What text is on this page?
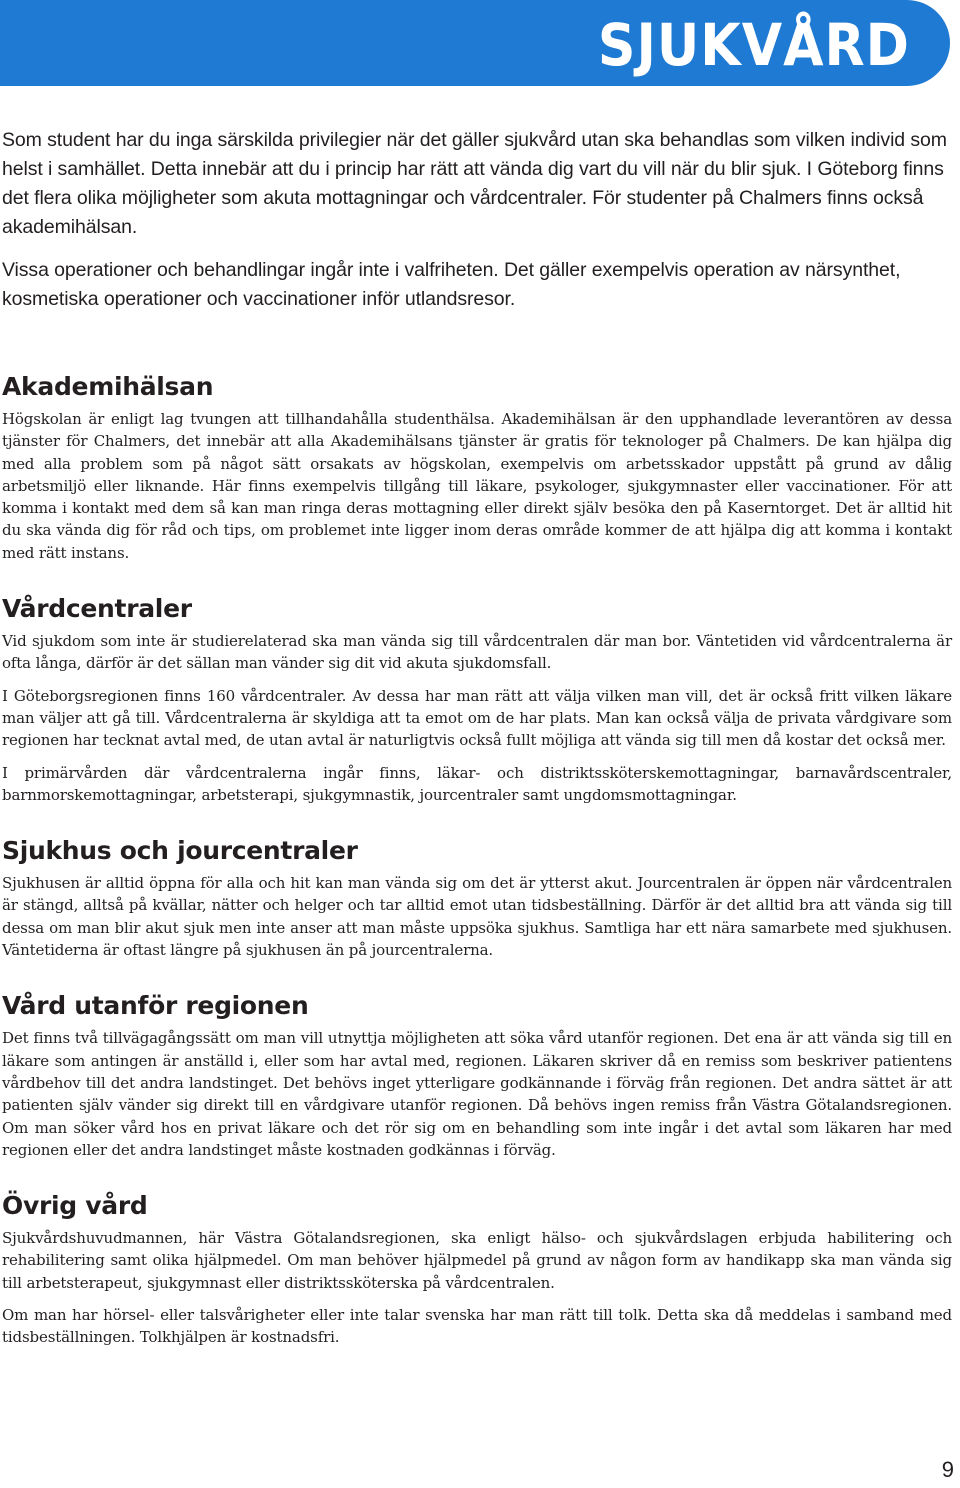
SJUKVÅRD

Som student har du inga särskilda privilegier när det gäller sjukvård utan ska behandlas som vilken individ som helst i samhället. Detta innebär att du i princip har rätt att vända dig vart du vill när du blir sjuk. I Göteborg finns det flera olika möjligheter som akuta mottagningar och vårdcentraler. För studenter på Chalmers finns också akademihälsan.

Vissa operationer och behandlingar ingår inte i valfriheten. Det gäller exempelvis operation av närsynthet, kosmetiska operationer och vaccinationer inför utlandsresor.

Akademihälsan

Högskolan är enligt lag tvungen att tillhandahålla studenthälsa. Akademihälsan är den upphandlade leverantören av dessa tjänster för Chalmers, det innebär att alla Akademihälsans tjänster är gratis för teknologer på Chalmers. De kan hjälpa dig med alla problem som på något sätt orsakats av högskolan, exempelvis om arbetsskador uppstått på grund av dålig arbetsmiljö eller liknande. Här finns exempelvis tillgång till läkare, psykologer, sjukgymnaster eller vaccinationer. För att komma i kontakt med dem så kan man ringa deras mottagning eller direkt själv besöka den på Kaserntorget. Det är alltid hit du ska vända dig för råd och tips, om problemet inte ligger inom deras område kommer de att hjälpa dig att komma i kontakt med rätt instans.

Vårdcentraler

Vid sjukdom som inte är studierelaterad ska man vända sig till vårdcentralen där man bor. Väntetiden vid vårdcentralerna är ofta långa, därför är det sällan man vänder sig dit vid akuta sjukdomsfall.

I Göteborgsregionen finns 160 vårdcentraler. Av dessa har man rätt att välja vilken man vill, det är också fritt vilken läkare man väljer att gå till. Vårdcentralerna är skyldiga att ta emot om de har plats. Man kan också välja de privata vårdgivare som regionen har tecknat avtal med, de utan avtal är naturligtvis också fullt möjliga att vända sig till men då kostar det också mer.

I primärvården där vårdcentralerna ingår finns, läkar- och distriktssköterskemottagningar, barnavårdscentraler, barnmorskemottagningar, arbetsterapi, sjukgymnastik, jourcentraler samt ungdomsmottagningar.

Sjukhus och jourcentraler

Sjukhusen är alltid öppna för alla och hit kan man vända sig om det är ytterst akut. Jourcentralen är öppen när vårdcentralen är stängd, alltså på kvällar, nätter och helger och tar alltid emot utan tidsbeställning. Därför är det alltid bra att vända sig till dessa om man blir akut sjuk men inte anser att man måste uppsöka sjukhus. Samtliga har ett nära samarbete med sjukhusen. Väntetiderna är oftast längre på sjukhusen än på jourcentralerna.

Vård utanför regionen

Det finns två tillvägagångssätt om man vill utnyttja möjligheten att söka vård utanför regionen. Det ena är att vända sig till en läkare som antingen är anställd i, eller som har avtal med, regionen. Läkaren skriver då en remiss som beskriver patientens vårdbehov till det andra landstinget. Det behövs inget ytterligare godkännande i förväg från regionen. Det andra sättet är att patienten själv vänder sig direkt till en vårdgivare utanför regionen. Då behövs ingen remiss från Västra Götalandsregionen. Om man söker vård hos en privat läkare och det rör sig om en behandling som inte ingår i det avtal som läkaren har med regionen eller det andra landstinget måste kostnaden godkännas i förväg.

Övrig vård

Sjukvårdshuvudmannen, här Västra Götalandsregionen, ska enligt hälso- och sjukvårdslagen erbjuda habilitering och rehabilitering samt olika hjälpmedel. Om man behöver hjälpmedel på grund av någon form av handikapp ska man vända sig till arbetsterapeut, sjukgymnast eller distriktssköterska på vårdcentralen.

Om man har hörsel- eller talsvårigheter eller inte talar svenska har man rätt till tolk. Detta ska då meddelas i samband med tidsbeställningen. Tolkhjälpen är kostnadsfri.

9
